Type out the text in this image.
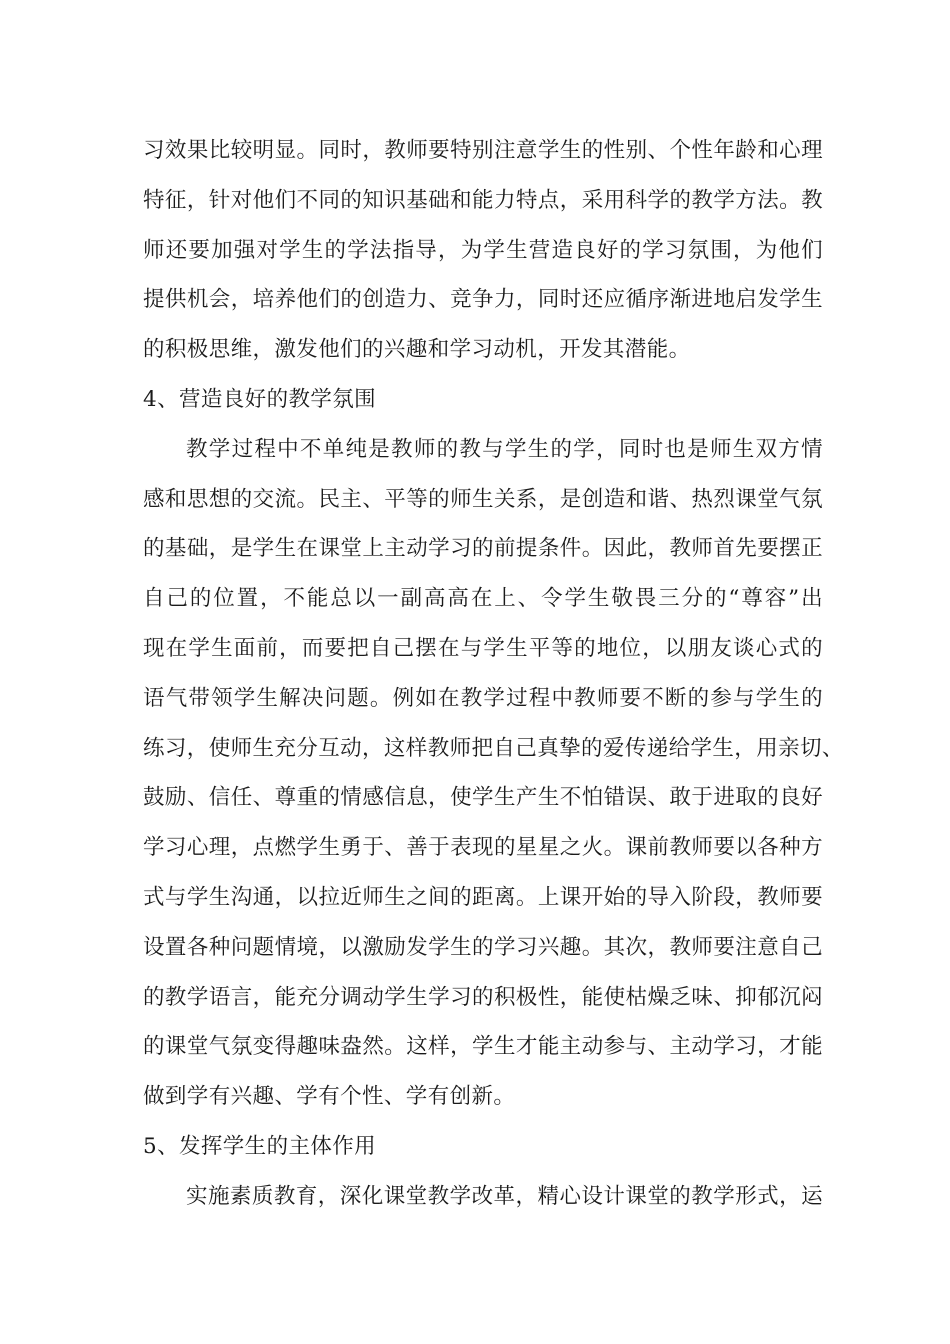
习效果比较明显。同时，教师要特别注意学生的性别、个性年龄和心理
特征，针对他们不同的知识基础和能力特点，采用科学的教学方法。教
师还要加强对学生的学法指导，为学生营造良好的学习氛围，为他们
提供机会，培养他们的创造力、竞争力，同时还应循序渐进地启发学生
的积极思维，激发他们的兴趣和学习动机，开发其潜能。
4、营造良好的教学氛围
教学过程中不单纯是教师的教与学生的学，同时也是师生双方情
感和思想的交流。民主、平等的师生关系，是创造和谐、热烈课堂气氛
的基础，是学生在课堂上主动学习的前提条件。因此，教师首先要摆正
自己的位置，不能总以一副高高在上、令学生敬畏三分的“尊容”出
现在学生面前，而要把自己摆在与学生平等的地位，以朋友谈心式的
语气带领学生解决问题。例如在教学过程中教师要不断的参与学生的
练习，使师生充分互动，这样教师把自己真挚的爱传递给学生，用亲切、
鼓励、信任、尊重的情感信息，使学生产生不怕错误、敢于进取的良好
学习心理，点燃学生勇于、善于表现的星星之火。课前教师要以各种方
式与学生沟通，以拉近师生之间的距离。上课开始的导入阶段，教师要
设置各种问题情境，以激励发学生的学习兴趣。其次，教师要注意自己
的教学语言，能充分调动学生学习的积极性，能使枯燥乏味、抑郁沉闷
的课堂气氛变得趣味盎然。这样，学生才能主动参与、主动学习，才能
做到学有兴趣、学有个性、学有创新。
5、发挥学生的主体作用
实施素质教育，深化课堂教学改革，精心设计课堂的教学形式，运
